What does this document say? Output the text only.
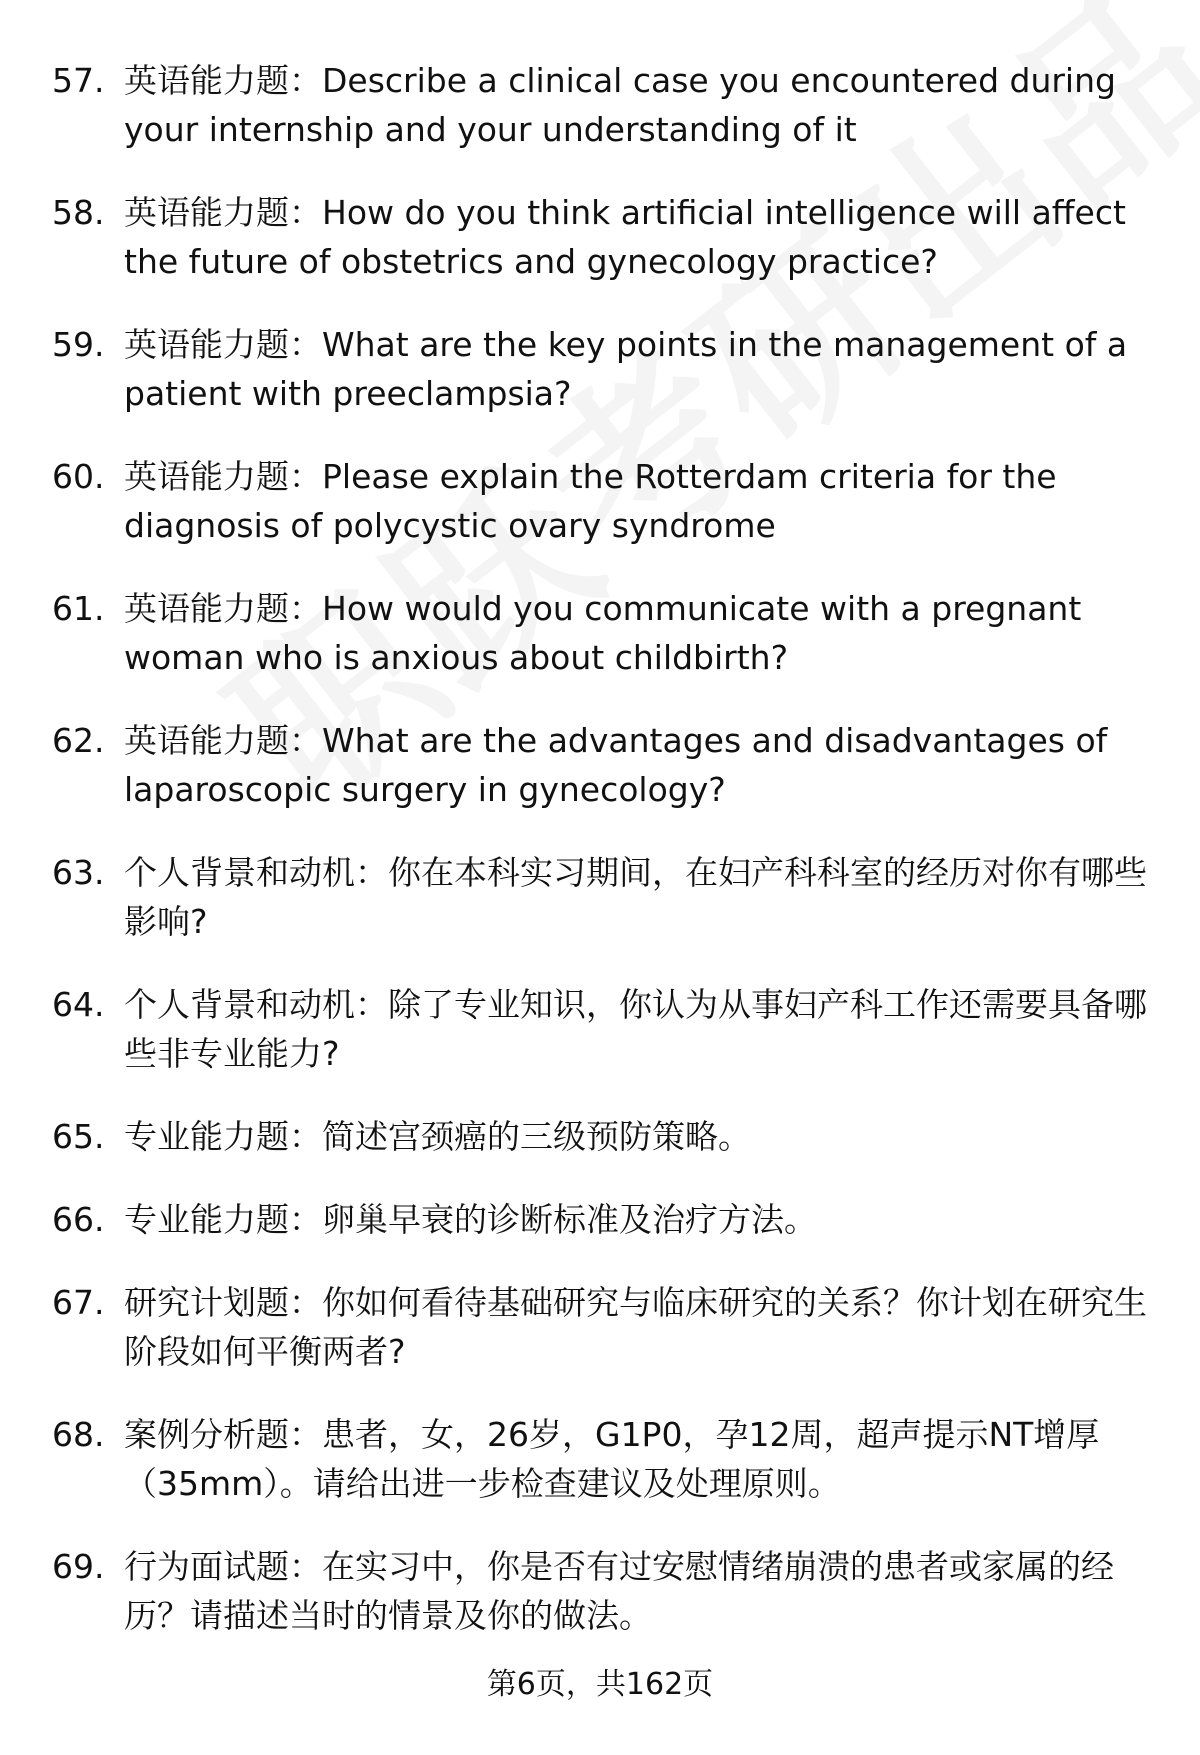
57. 英语能力题：Describe a clinical case you encountered during your internship and your understanding of it
58. 英语能力题：How do you think artificial intelligence will affect the future of obstetrics and gynecology practice?
59. 英语能力题：What are the key points in the management of a patient with preeclampsia?
60. 英语能力题：Please explain the Rotterdam criteria for the diagnosis of polycystic ovary syndrome
61. 英语能力题：How would you communicate with a pregnant woman who is anxious about childbirth?
62. 英语能力题：What are the advantages and disadvantages of laparoscopic surgery in gynecology?
63. 个人背景和动机：你在本科实习期间，在妇产科科室的经历对你有哪些影响?
64. 个人背景和动机：除了专业知识，你认为从事妇产科工作还需要具备哪些非专业能力?
65. 专业能力题：简述宫颈癌的三级预防策略。
66. 专业能力题：卵巢早衰的诊断标准及治疗方法。
67. 研究计划题：你如何看待基础研究与临床研究的关系？你计划在研究生阶段如何平衡两者?
68. 案例分析题：患者，女，26岁，G1P0，孕12周，超声提示NT增厚（35mm）。请给出进一步检查建议及处理原则。
69. 行为面试题：在实习中，你是否有过安慰情绪崩溃的患者或家属的经历？请描述当时的情景及你的做法。
第6页，共162页
